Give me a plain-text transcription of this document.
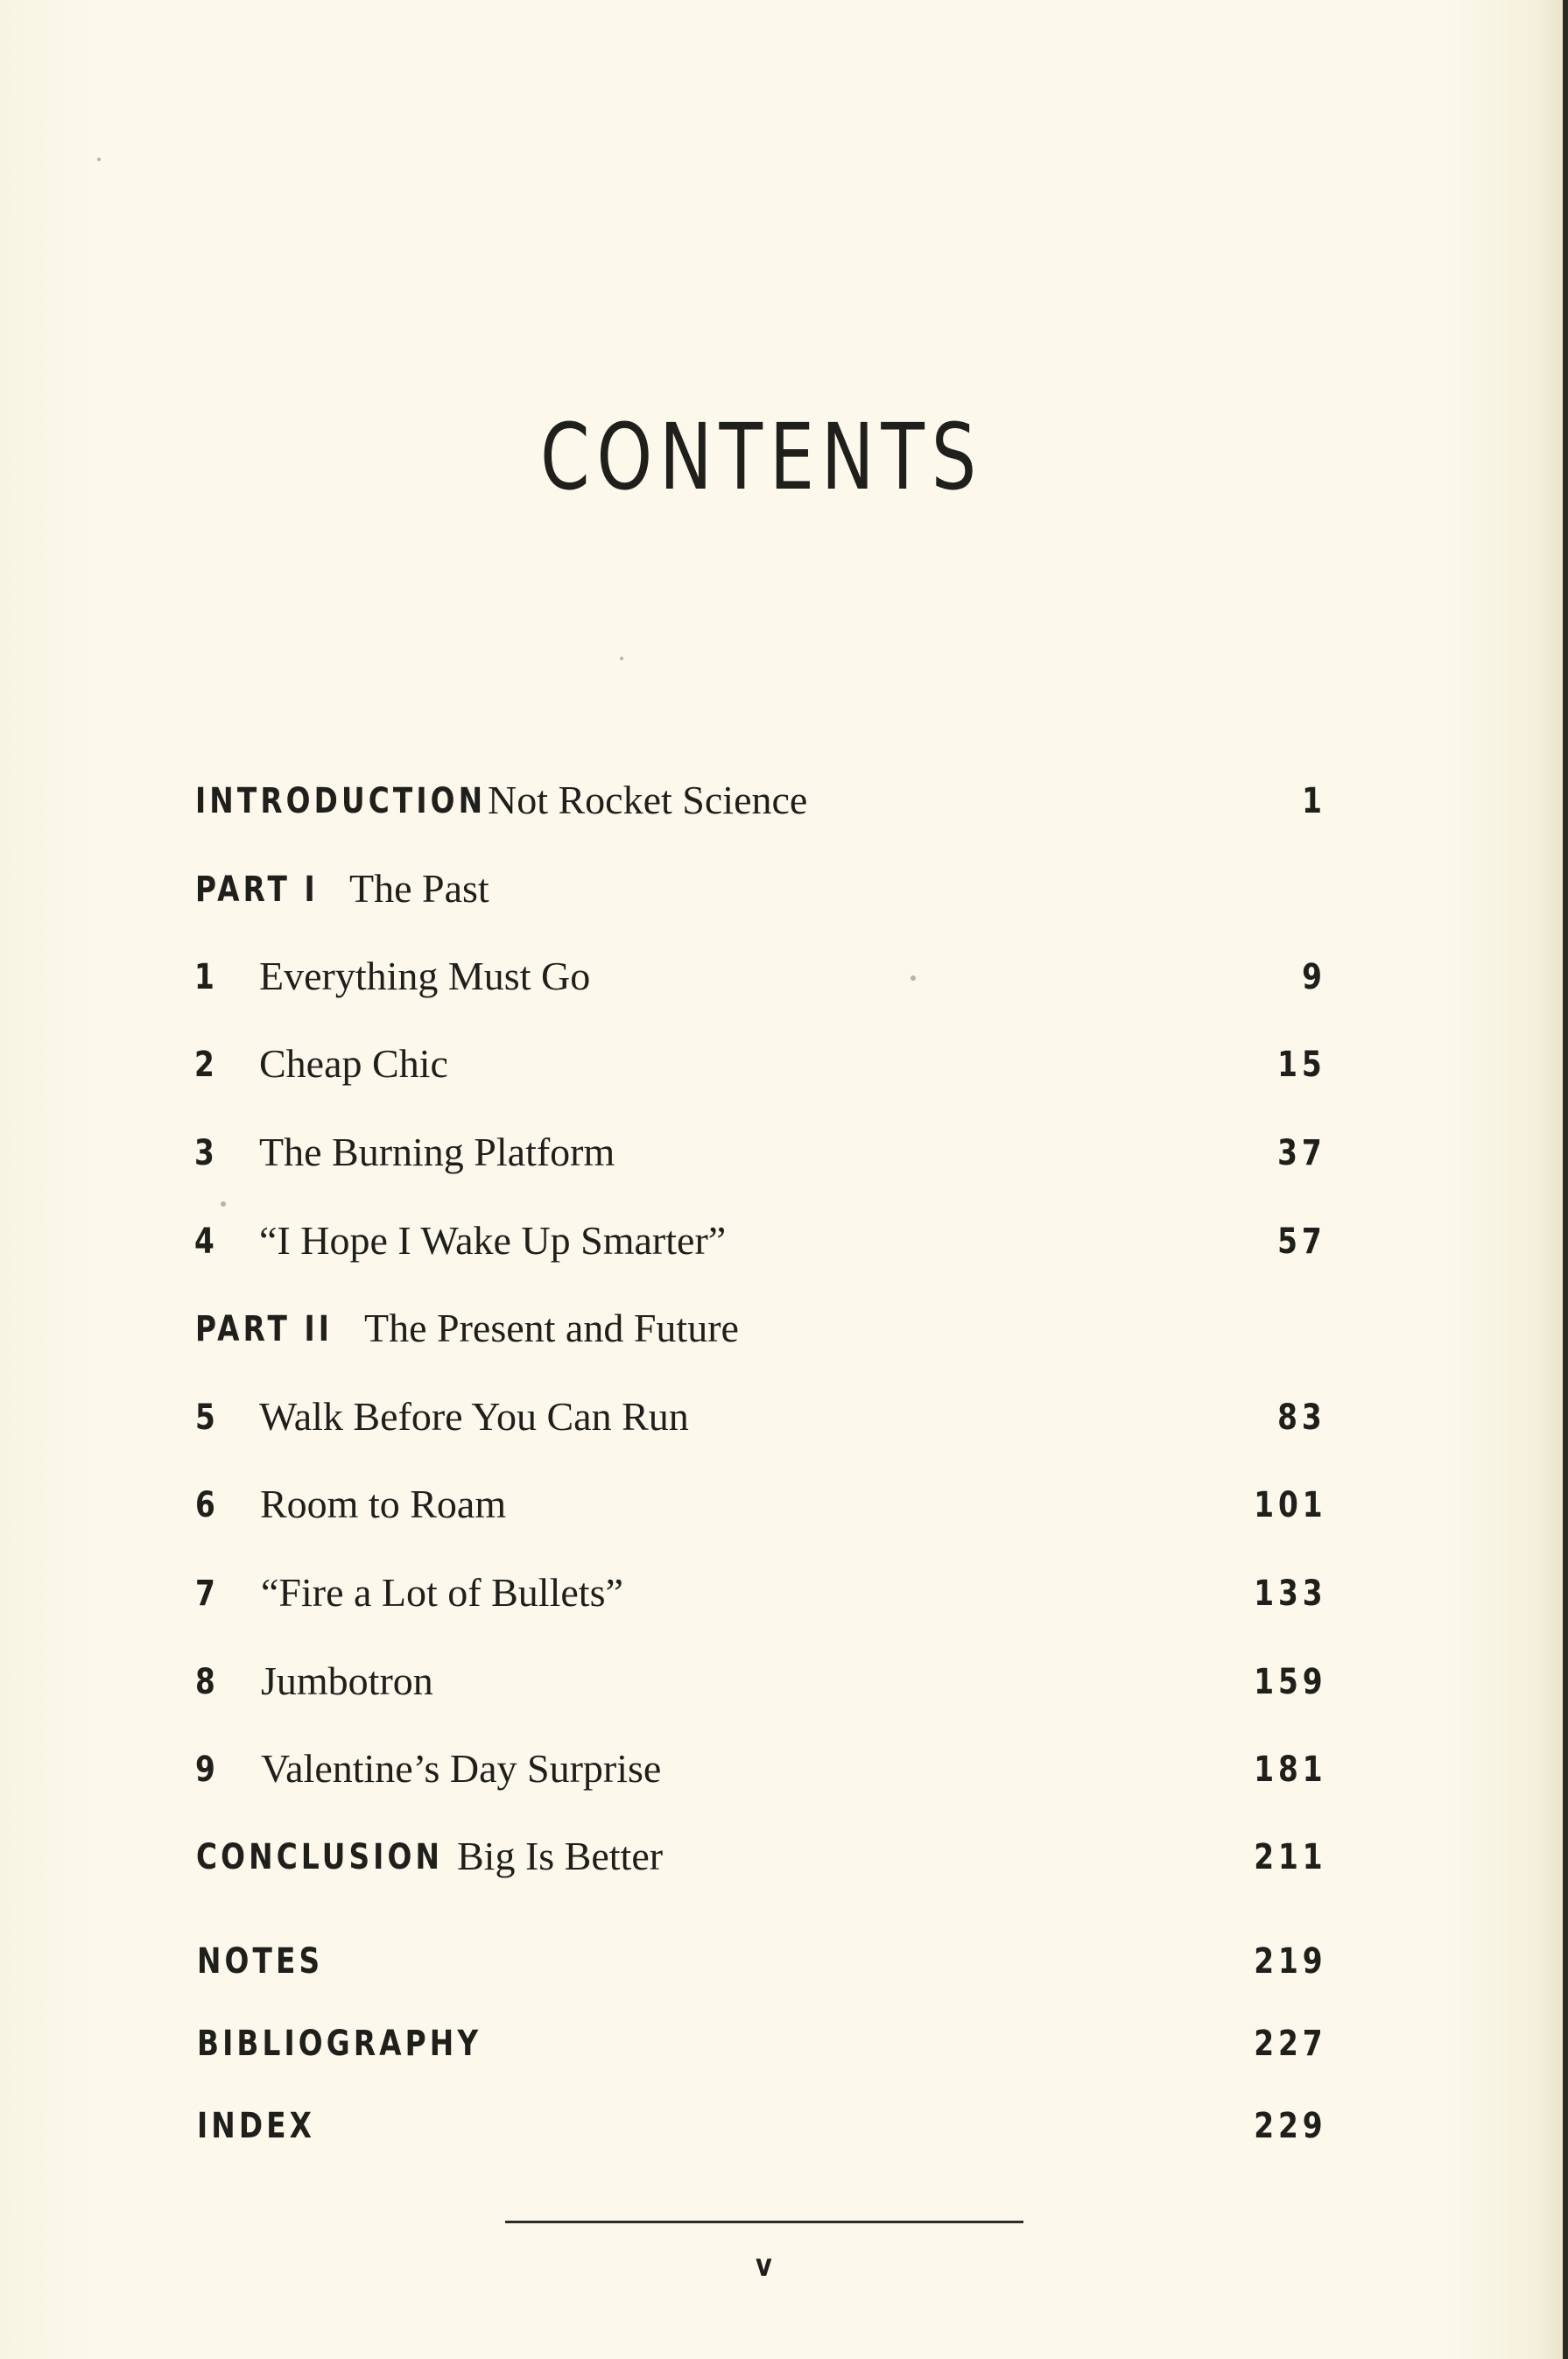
CONTENTS
INTRODUCTION Not Rocket Science	1
PART I The Past
1 Everything Must Go	9
2 Cheap Chic	15
3 The Burning Platform	37
4 “I Hope I Wake Up Smarter”	57
PART II The Present and Future
5 Walk Before You Can Run	83
6 Room to Roam	101
7 “Fire a Lot of Bullets”	133
8 Jumbotron	159
9 Valentine’s Day Surprise	181
CONCLUSION Big Is Better	211
NOTES	219
BIBLIOGRAPHY	227
INDEX	229
v
